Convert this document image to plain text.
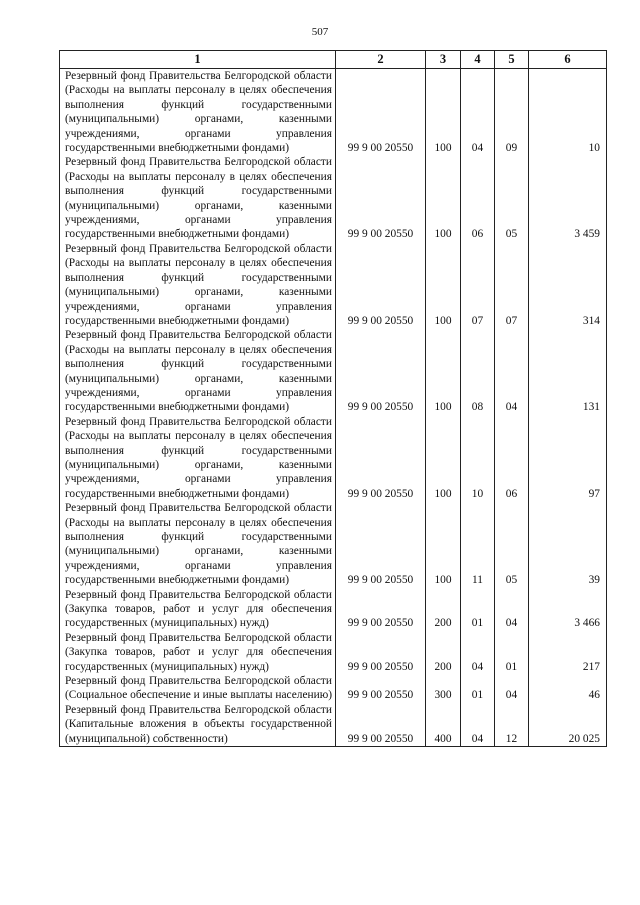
507
1	2	3	4	5	6
Резервный фонд Правительства Белгородской области (Расходы на выплаты персоналу в целях обеспечения выполнения функций государственными (муниципальными) органами, казенными учреждениями, органами управления государственными внебюджетными фондами)	99 9 00 20550	100	04	09	10
Резервный фонд Правительства Белгородской области (Расходы на выплаты персоналу в целях обеспечения выполнения функций государственными (муниципальными) органами, казенными учреждениями, органами управления государственными внебюджетными фондами)	99 9 00 20550	100	06	05	3 459
Резервный фонд Правительства Белгородской области (Расходы на выплаты персоналу в целях обеспечения выполнения функций государственными (муниципальными) органами, казенными учреждениями, органами управления государственными внебюджетными фондами)	99 9 00 20550	100	07	07	314
Резервный фонд Правительства Белгородской области (Расходы на выплаты персоналу в целях обеспечения выполнения функций государственными (муниципальными) органами, казенными учреждениями, органами управления государственными внебюджетными фондами)	99 9 00 20550	100	08	04	131
Резервный фонд Правительства Белгородской области (Расходы на выплаты персоналу в целях обеспечения выполнения функций государственными (муниципальными) органами, казенными учреждениями, органами управления государственными внебюджетными фондами)	99 9 00 20550	100	10	06	97
Резервный фонд Правительства Белгородской области (Расходы на выплаты персоналу в целях обеспечения выполнения функций государственными (муниципальными) органами, казенными учреждениями, органами управления государственными внебюджетными фондами)	99 9 00 20550	100	11	05	39
Резервный фонд Правительства Белгородской области (Закупка товаров, работ и услуг для обеспечения государственных (муниципальных) нужд)	99 9 00 20550	200	01	04	3 466
Резервный фонд Правительства Белгородской области (Закупка товаров, работ и услуг для обеспечения государственных (муниципальных) нужд)	99 9 00 20550	200	04	01	217
Резервный фонд Правительства Белгородской области (Социальное обеспечение и иные выплаты населению)	99 9 00 20550	300	01	04	46
Резервный фонд Правительства Белгородской области (Капитальные вложения в объекты государственной (муниципальной) собственности)	99 9 00 20550	400	04	12	20 025
